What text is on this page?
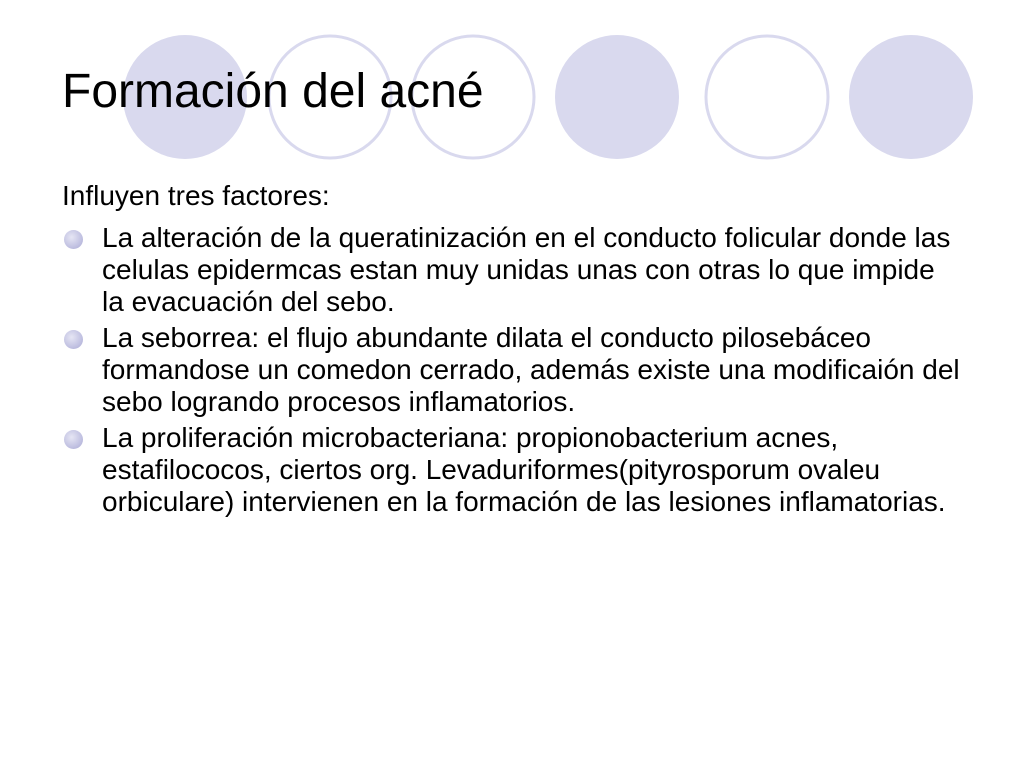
Formación del acné

Influyen tres factores:

La alteración de la queratinización en el conducto folicular donde las celulas epidermcas estan muy unidas unas con otras lo que impide la evacuación del sebo.
La seborrea: el flujo abundante dilata el conducto pilosebáceo formandose un comedon cerrado, además existe una modificaión del sebo logrando procesos inflamatorios.
La proliferación microbacteriana: propionobacterium acnes, estafilococos, ciertos org. Levaduriformes(pityrosporum ovaleu orbiculare) intervienen en la formación de las lesiones inflamatorias.
